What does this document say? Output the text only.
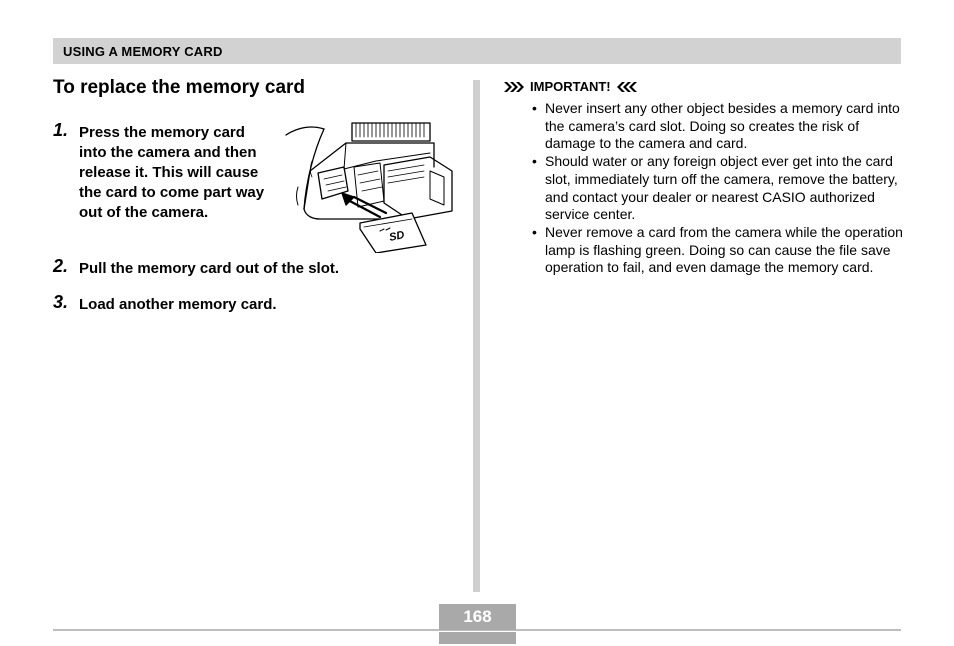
USING A MEMORY CARD
To replace the memory card
1. Press the memory card into the camera and then release it. This will cause the card to come part way out of the camera.
SD
2. Pull the memory card out of the slot.
3. Load another memory card.
IMPORTANT!
• Never insert any other object besides a memory card into the camera’s card slot. Doing so creates the risk of damage to the camera and card.
• Should water or any foreign object ever get into the card slot, immediately turn off the camera, remove the battery, and contact your dealer or nearest CASIO authorized service center.
• Never remove a card from the camera while the operation lamp is flashing green. Doing so can cause the file save operation to fail, and even damage the memory card.
168
